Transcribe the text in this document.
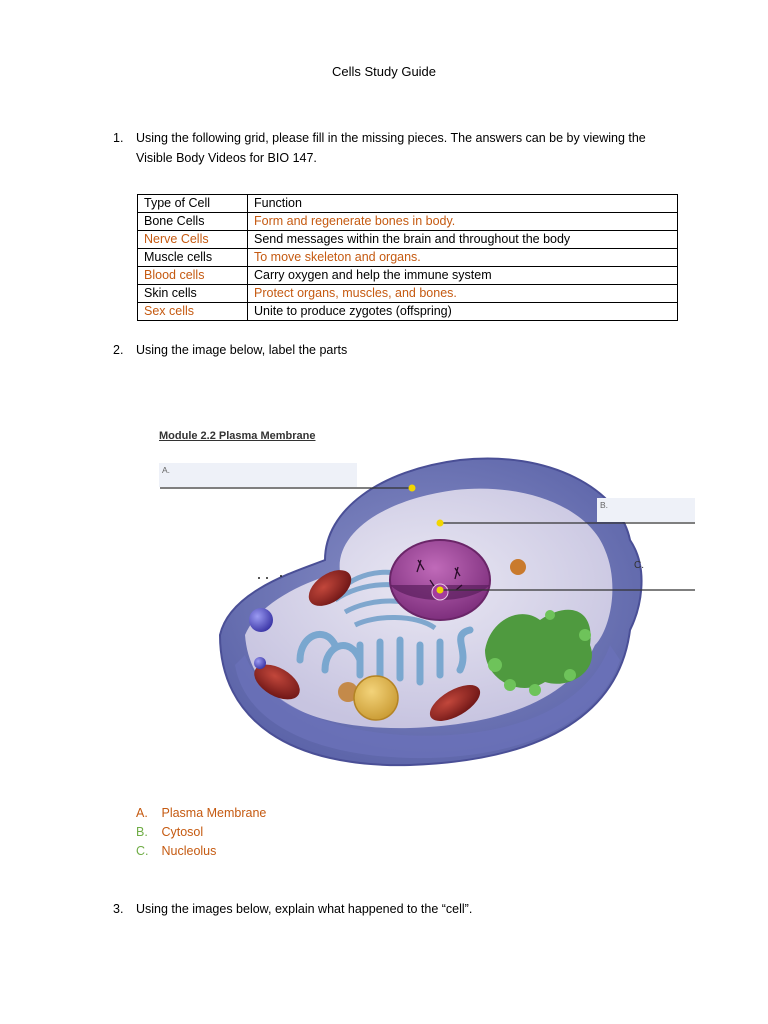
Cells Study Guide
1. Using the following grid, please fill in the missing pieces. The answers can be by viewing the Visible Body Videos for BIO 147.
Type of Cell	Function
Bone Cells	Form and regenerate bones in body.
Nerve Cells	Send messages within the brain and throughout the body
Muscle cells	To move skeleton and organs.
Blood cells	Carry oxygen and help the immune system
Skin cells	Protect organs, muscles, and bones.
Sex cells	Unite to produce zygotes (offspring)
2. Using the image below, label the parts
Module 2.2 Plasma Membrane
A.
B.
C.
A. Plasma Membrane
B. Cytosol
C. Nucleolus
3. Using the images below, explain what happened to the “cell”.
